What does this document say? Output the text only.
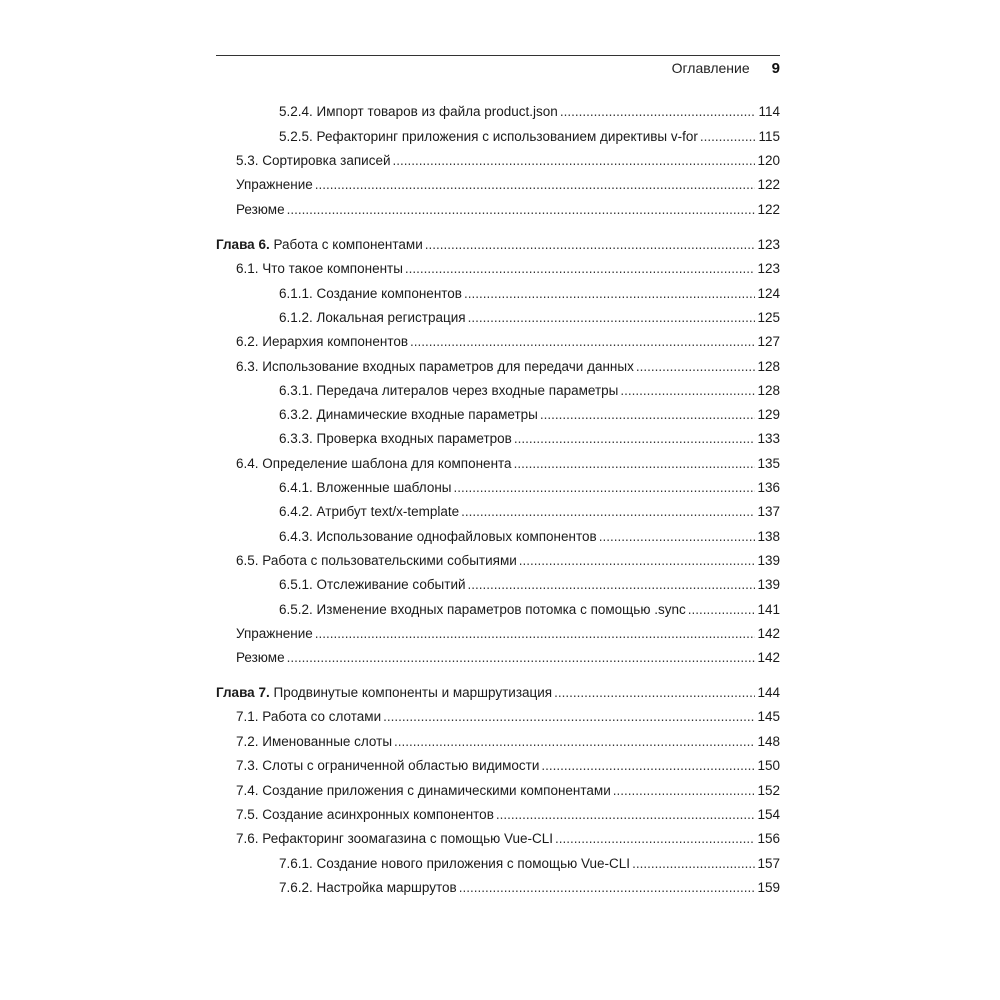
Оглавление 9
5.2.4. Импорт товаров из файла product.json .....	114
5.2.5. Рефакторинг приложения с использованием директивы v-for .....	115
5.3. Сортировка записей .....	120
Упражнение .....	122
Резюме .....	122
Глава 6. Работа с компонентами .....	123
6.1. Что такое компоненты .....	123
6.1.1. Создание компонентов .....	124
6.1.2. Локальная регистрация .....	125
6.2. Иерархия компонентов .....	127
6.3. Использование входных параметров для передачи данных .....	128
6.3.1. Передача литералов через входные параметры .....	128
6.3.2. Динамические входные параметры .....	129
6.3.3. Проверка входных параметров .....	133
6.4. Определение шаблона для компонента .....	135
6.4.1. Вложенные шаблоны .....	136
6.4.2. Атрибут text/x-template .....	137
6.4.3. Использование однофайловых компонентов .....	138
6.5. Работа с пользовательскими событиями .....	139
6.5.1. Отслеживание событий .....	139
6.5.2. Изменение входных параметров потомка с помощью .sync .....	141
Упражнение .....	142
Резюме .....	142
Глава 7. Продвинутые компоненты и маршрутизация .....	144
7.1. Работа со слотами .....	145
7.2. Именованные слоты .....	148
7.3. Слоты с ограниченной областью видимости .....	150
7.4. Создание приложения с динамическими компонентами .....	152
7.5. Создание асинхронных компонентов .....	154
7.6. Рефакторинг зоомагазина с помощью Vue-CLI .....	156
7.6.1. Создание нового приложения с помощью Vue-CLI .....	157
7.6.2. Настройка маршрутов .....	159
